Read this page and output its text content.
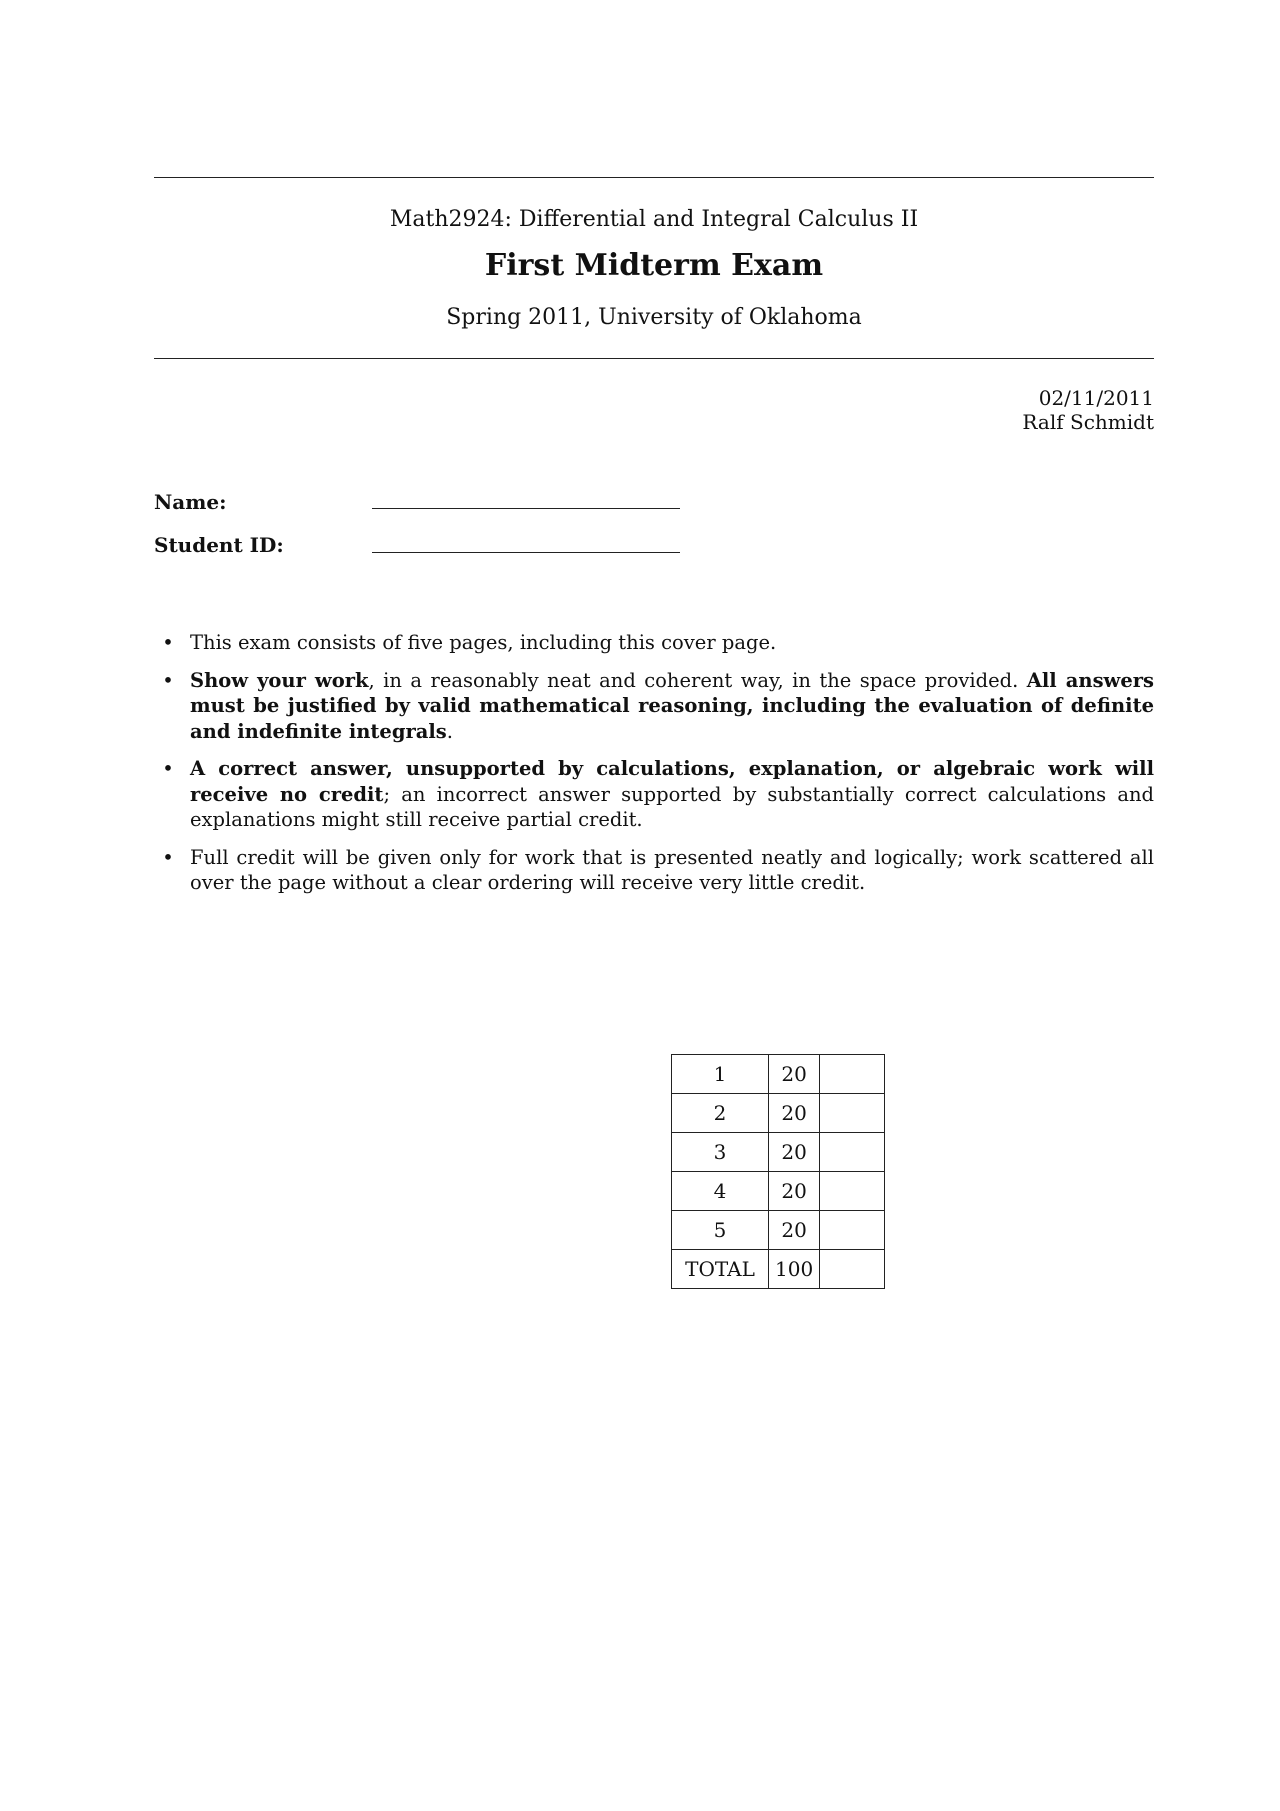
Math2924: Differential and Integral Calculus II
First Midterm Exam
Spring 2011, University of Oklahoma
02/11/2011
Ralf Schmidt
Name:
Student ID:
• This exam consists of five pages, including this cover page.
• Show your work, in a reasonably neat and coherent way, in the space provided. All answers must be justified by valid mathematical reasoning, including the evaluation of definite and indefinite integrals.
• A correct answer, unsupported by calculations, explanation, or algebraic work will receive no credit; an incorrect answer supported by substantially correct calculations and explanations might still receive partial credit.
• Full credit will be given only for work that is presented neatly and logically; work scattered all over the page without a clear ordering will receive very little credit.
1	20	
2	20	
3	20	
4	20	
5	20	
TOTAL	100	
